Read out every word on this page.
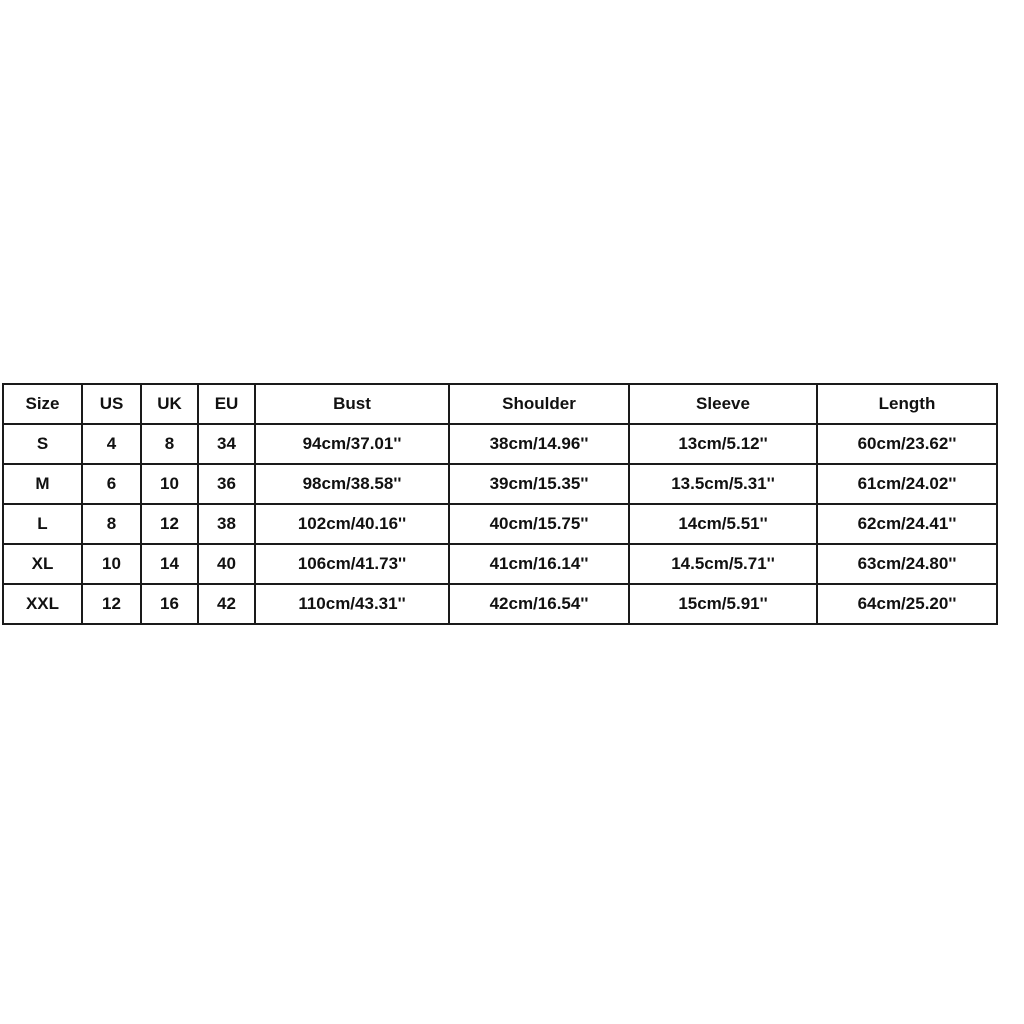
Size	US	UK	EU	Bust	Shoulder	Sleeve	Length
S	4	8	34	94cm/37.01''	38cm/14.96''	13cm/5.12''	60cm/23.62''
M	6	10	36	98cm/38.58''	39cm/15.35''	13.5cm/5.31''	61cm/24.02''
L	8	12	38	102cm/40.16''	40cm/15.75''	14cm/5.51''	62cm/24.41''
XL	10	14	40	106cm/41.73''	41cm/16.14''	14.5cm/5.71''	63cm/24.80''
XXL	12	16	42	110cm/43.31''	42cm/16.54''	15cm/5.91''	64cm/25.20''
